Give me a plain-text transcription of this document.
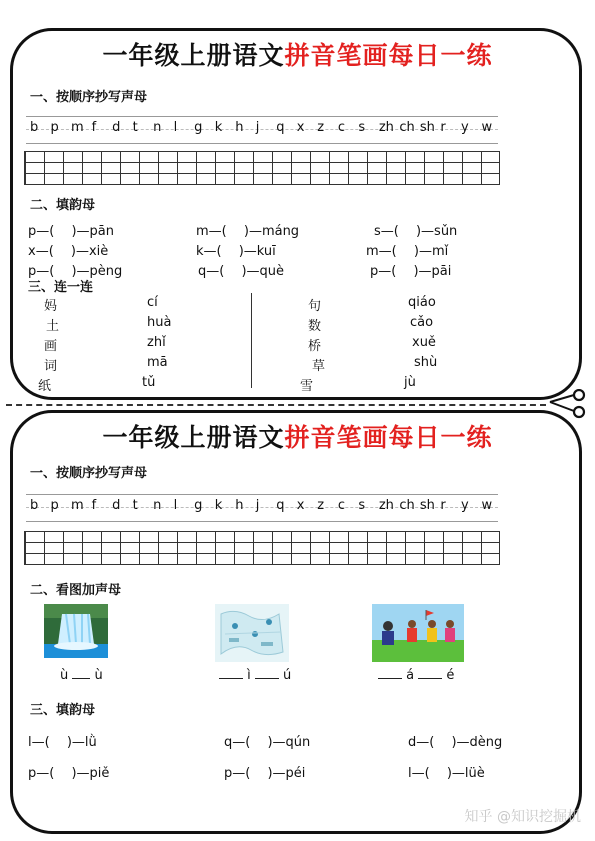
一年级上册语文拼音笔画每日一练
一、按顺序抄写声母
b p m f d t n l g k h j q x z c s zh ch sh r y w
二、填韵母
p—(　 )—pān	m—(　 )—máng	s—(　 )—sǔn
x—(　 )—xiè	k—(　 )—kuī	m—(　 )—mǐ
p—(　 )—pèng	q—(　 )—què	p—(　 )—pāi
三、连一连
妈
土
画
词
纸
cí
huà
zhǐ
mā
tǔ
句
数
桥
草
雪
qiáo
cǎo
xuě
shù
jù
一年级上册语文拼音笔画每日一练
一、按顺序抄写声母
b p m f d t n l g k h j q x z c s zh ch sh r y w
二、看图加声母
ù ù	ì ú	á é
三、填韵母
l—(　 )—lǜ	q—(　 )—qún	d—(　 )—dèng
p—(　 )—piě	p—(　 )—péi	l—(　 )—lüè
知乎 @知识挖掘机
